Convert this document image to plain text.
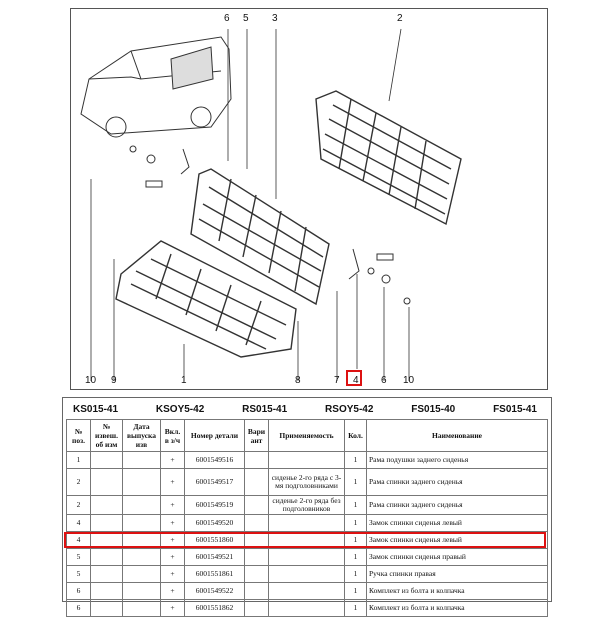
6 5 3	2
10 9	1	8	7 4 6 10
KS015-41	KSOY5-42	RS015-41	RSOY5-42	FS015-40	FS015-41
№ поз.	№ извеш. об изм	Дата выпуска изв	Вкл. в з/ч	Номер детали	Вари ант	Применяемость	Кол.	Наименование
1			+	6001549516			1	Рама подушки заднего сиденья
2			+	6001549517		сиденье 2-го ряда с 3-мя подголовниками	1	Рама спинки заднего сиденья
2			+	6001549519		сиденье 2-го ряда без подголовников	1	Рама спинки заднего сиденья
4			+	6001549520			1	Замок спинки сиденья левый
4			+	6001551860			1	Замок спинки сиденья левый
5			+	6001549521			1	Замок спинки сиденья правый
5			+	6001551861			1	Ручка спинки правая
6			+	6001549522			1	Комплект из болта и колпачка
6			+	6001551862			1	Комплект из болта и колпачка
